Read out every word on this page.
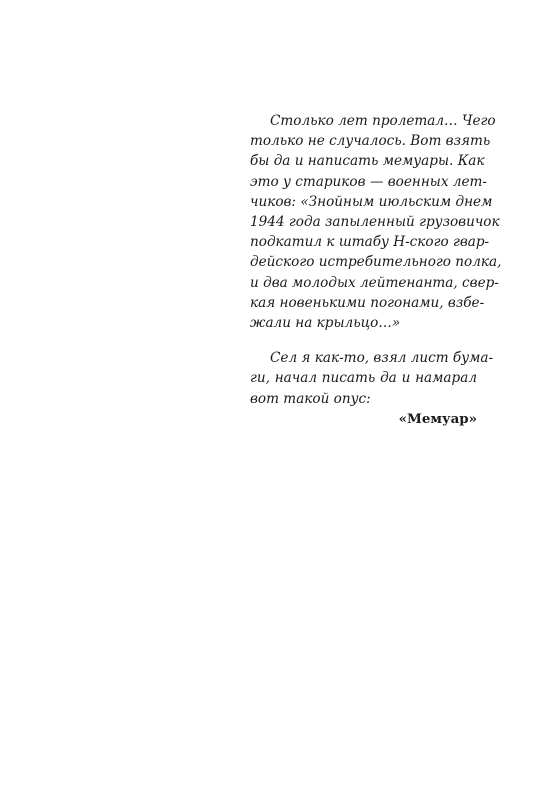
Столько лет пролетал… Чего
только не случалось. Вот взять
бы да и написать мемуары. Как
это у стариков — военных лет-
чиков: «Знойным июльским днем
1944 года запыленный грузовичок
подкатил к штабу Н-ского гвар-
дейского истребительного полка,
и два молодых лейтенанта, свер-
кая новенькими погонами, взбе-
жали на крыльцо…»
Сел я как-то, взял лист бума-
ги, начал писать да и намарал
вот такой опус:
«Мемуар»
